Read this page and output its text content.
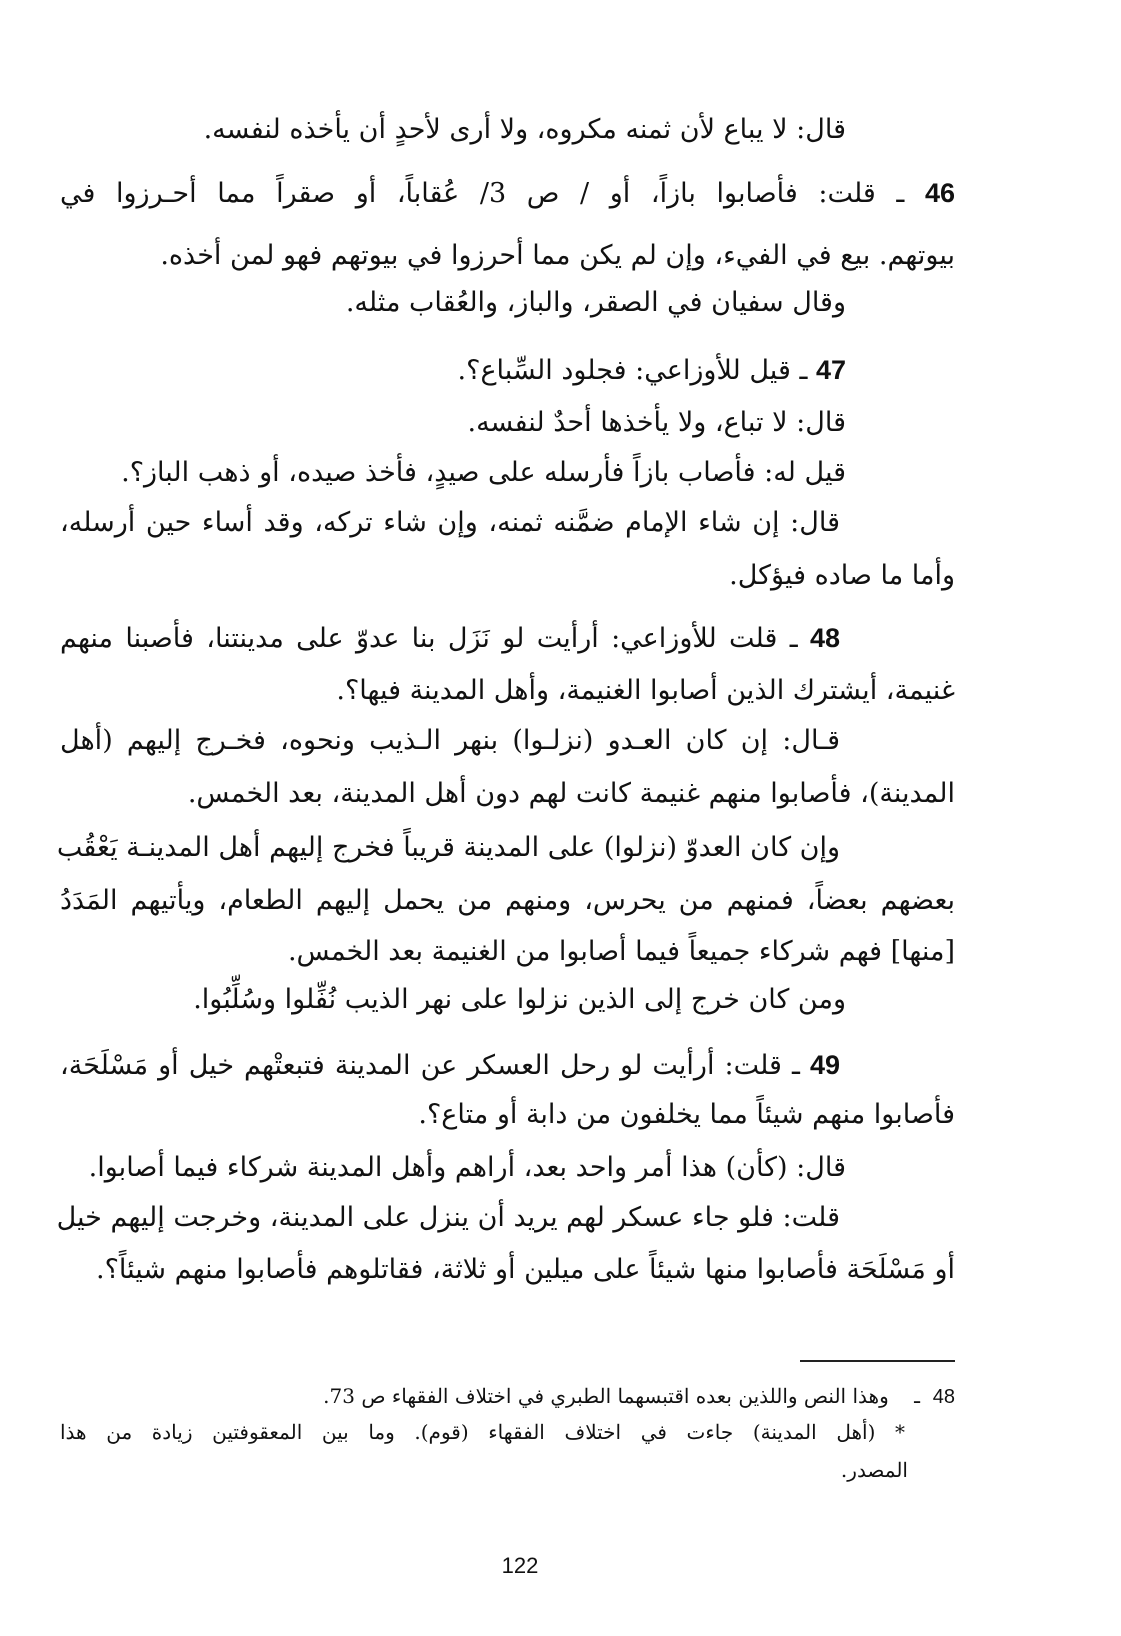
قال: لا يباع لأن ثمنه مكروه، ولا أرى لأحدٍ أن يأخذه لنفسه.
46 ـ قلت: فأصابوا بازاً، أو / ص 3/ عُقاباً، أو صقراً مما أحـرزوا في
بيوتهم. بيع في الفيء، وإن لم يكن مما أحرزوا في بيوتهم فهو لمن أخذه.
وقال سفيان في الصقر، والباز، والعُقاب مثله.
47 ـ قيل للأوزاعي: فجلود السِّباع؟.
قال: لا تباع، ولا يأخذها أحدٌ لنفسه.
قيل له: فأصاب بازاً فأرسله على صيدٍ، فأخذ صيده، أو ذهب الباز؟.
قال: إن شاء الإمام ضمَّنه ثمنه، وإن شاء تركه، وقد أساء حين أرسله،
وأما ما صاده فيؤكل.
48 ـ قلت للأوزاعي: أرأيت لو نَزَل بنا عدوّ على مدينتنا، فأصبنا منهم
غنيمة، أيشترك الذين أصابوا الغنيمة، وأهل المدينة فيها؟.
قـال: إن كان العـدو (نزلـوا) بنهر الـذيب ونحوه، فخـرج إليهم (أهل
المدينة)، فأصابوا منهم غنيمة كانت لهم دون أهل المدينة، بعد الخمس.
وإن كان العدوّ (نزلوا) على المدينة قريباً فخرج إليهم أهل المدينـة يَعْقُب
بعضهم بعضاً، فمنهم من يحرس، ومنهم من يحمل إليهم الطعام، ويأتيهم المَدَدُ
[منها] فهم شركاء جميعاً فيما أصابوا من الغنيمة بعد الخمس.
ومن كان خرج إلى الذين نزلوا على نهر الذيب نُفِّلوا وسُلِّبُوا.
49 ـ قلت: أرأيت لو رحل العسكر عن المدينة فتبعتْهم خيل أو مَسْلَحَة،
فأصابوا منهم شيئاً مما يخلفون من دابة أو متاع؟.
قال: (كأن) هذا أمر واحد بعد، أراهم وأهل المدينة شركاء فيما أصابوا.
قلت: فلو جاء عسكر لهم يريد أن ينزل على المدينة، وخرجت إليهم خيل
أو مَسْلَحَة فأصابوا منها شيئاً على ميلين أو ثلاثة، فقاتلوهم فأصابوا منهم شيئاً؟.
48  ـ    وهذا النص واللذين بعده اقتبسهما الطبري في اختلاف الفقهاء ص 73.
* (أهل المدينة) جاءت في اختلاف الفقهاء (قوم). وما بين المعقوفتين زيادة من هذا
المصدر.
122
